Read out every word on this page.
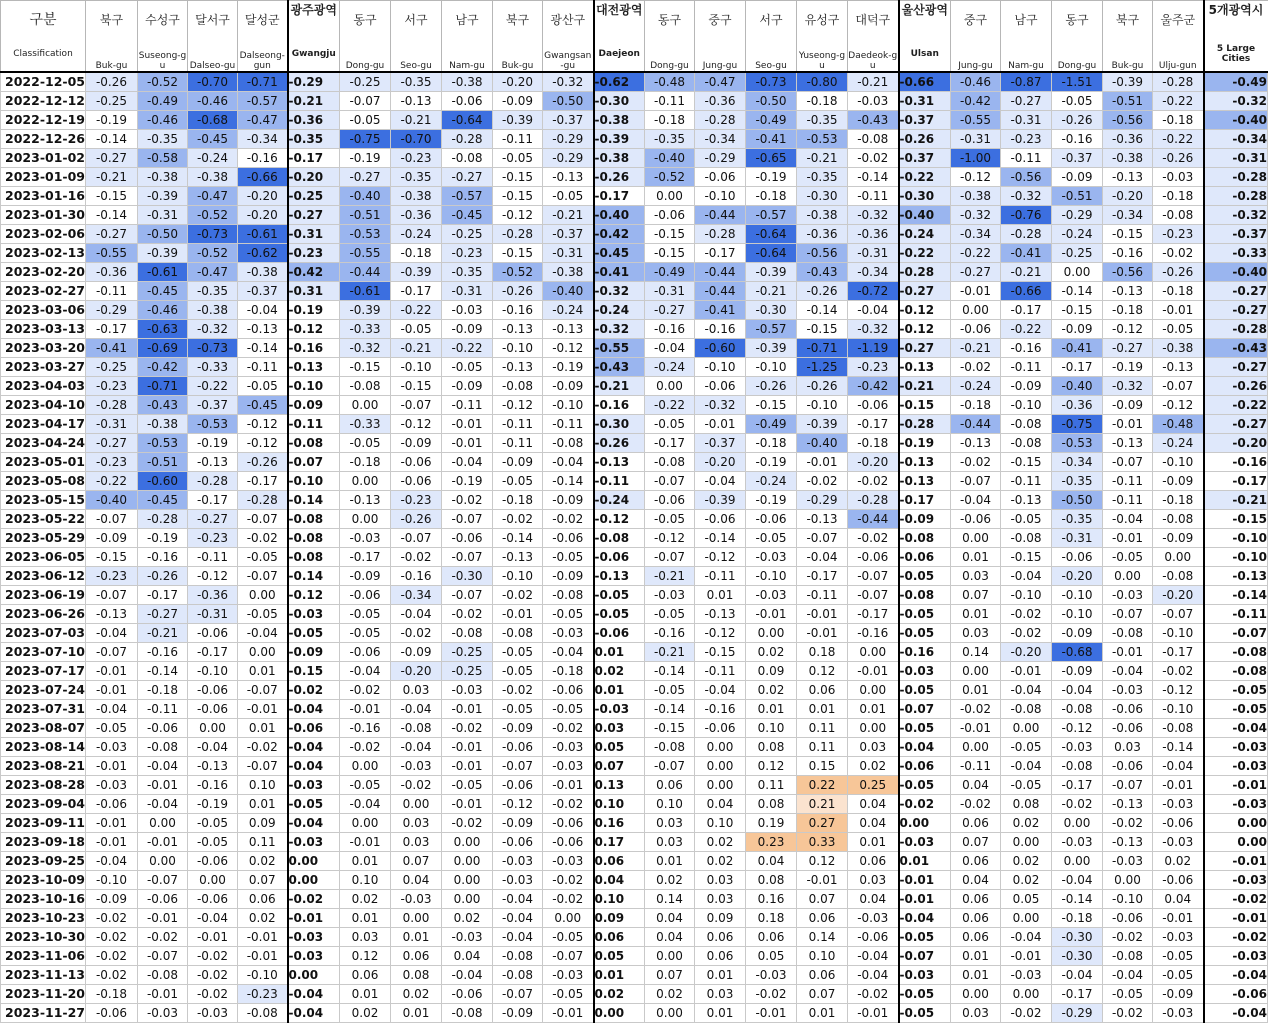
구분	북구	수성구	달서구	달성군	광주광역	동구	서구	남구	북구	광산구	대전광역	동구	중구	서구	유성구	대덕구	울산광역	중구	남구	동구	북구	울주군	5개광역시
Classification	Buk-gu	Suseong-gu	Dalseo-gu	Dalseong-gun	Gwangju	Dong-gu	Seo-gu	Nam-gu	Buk-gu	Gwangsan-gu	Daejeon	Dong-gu	Jung-gu	Seo-gu	Yuseong-gu	Daedeok-gu	Ulsan	Jung-gu	Nam-gu	Dong-gu	Buk-gu	Ulju-gun	5 Large Cities
2022-12-05	-0.26	-0.52	-0.70	-0.71	-0.29	-0.25	-0.35	-0.38	-0.20	-0.32	-0.62	-0.48	-0.47	-0.73	-0.80	-0.21	-0.66	-0.46	-0.87	-1.51	-0.39	-0.28	-0.49
2022-12-12	-0.25	-0.49	-0.46	-0.57	-0.21	-0.07	-0.13	-0.06	-0.09	-0.50	-0.30	-0.11	-0.36	-0.50	-0.18	-0.03	-0.31	-0.42	-0.27	-0.05	-0.51	-0.22	-0.32
2022-12-19	-0.19	-0.46	-0.68	-0.47	-0.36	-0.05	-0.21	-0.64	-0.39	-0.37	-0.38	-0.18	-0.28	-0.49	-0.35	-0.43	-0.37	-0.55	-0.31	-0.26	-0.56	-0.18	-0.40
2022-12-26	-0.14	-0.35	-0.45	-0.34	-0.35	-0.75	-0.70	-0.28	-0.11	-0.29	-0.39	-0.35	-0.34	-0.41	-0.53	-0.08	-0.26	-0.31	-0.23	-0.16	-0.36	-0.22	-0.34
2023-01-02	-0.27	-0.58	-0.24	-0.16	-0.17	-0.19	-0.23	-0.08	-0.05	-0.29	-0.38	-0.40	-0.29	-0.65	-0.21	-0.02	-0.37	-1.00	-0.11	-0.37	-0.38	-0.26	-0.31
2023-01-09	-0.21	-0.38	-0.38	-0.66	-0.20	-0.27	-0.35	-0.27	-0.15	-0.13	-0.26	-0.52	-0.06	-0.19	-0.35	-0.14	-0.22	-0.12	-0.56	-0.09	-0.13	-0.03	-0.28
2023-01-16	-0.15	-0.39	-0.47	-0.20	-0.25	-0.40	-0.38	-0.57	-0.15	-0.05	-0.17	0.00	-0.10	-0.18	-0.30	-0.11	-0.30	-0.38	-0.32	-0.51	-0.20	-0.18	-0.28
2023-01-30	-0.14	-0.31	-0.52	-0.20	-0.27	-0.51	-0.36	-0.45	-0.12	-0.21	-0.40	-0.06	-0.44	-0.57	-0.38	-0.32	-0.40	-0.32	-0.76	-0.29	-0.34	-0.08	-0.32
2023-02-06	-0.27	-0.50	-0.73	-0.61	-0.31	-0.53	-0.24	-0.25	-0.28	-0.37	-0.42	-0.15	-0.28	-0.64	-0.36	-0.36	-0.24	-0.34	-0.28	-0.24	-0.15	-0.23	-0.37
2023-02-13	-0.55	-0.39	-0.52	-0.62	-0.23	-0.55	-0.18	-0.23	-0.15	-0.31	-0.45	-0.15	-0.17	-0.64	-0.56	-0.31	-0.22	-0.22	-0.41	-0.25	-0.16	-0.02	-0.33
2023-02-20	-0.36	-0.61	-0.47	-0.38	-0.42	-0.44	-0.39	-0.35	-0.52	-0.38	-0.41	-0.49	-0.44	-0.39	-0.43	-0.34	-0.28	-0.27	-0.21	0.00	-0.56	-0.26	-0.40
2023-02-27	-0.11	-0.45	-0.35	-0.37	-0.31	-0.61	-0.17	-0.31	-0.26	-0.40	-0.32	-0.31	-0.44	-0.21	-0.26	-0.72	-0.27	-0.01	-0.66	-0.14	-0.13	-0.18	-0.27
2023-03-06	-0.29	-0.46	-0.38	-0.04	-0.19	-0.39	-0.22	-0.03	-0.16	-0.24	-0.24	-0.27	-0.41	-0.30	-0.14	-0.04	-0.12	0.00	-0.17	-0.15	-0.18	-0.01	-0.27
2023-03-13	-0.17	-0.63	-0.32	-0.13	-0.12	-0.33	-0.05	-0.09	-0.13	-0.13	-0.32	-0.16	-0.16	-0.57	-0.15	-0.32	-0.12	-0.06	-0.22	-0.09	-0.12	-0.05	-0.28
2023-03-20	-0.41	-0.69	-0.73	-0.14	-0.16	-0.32	-0.21	-0.22	-0.10	-0.12	-0.55	-0.04	-0.60	-0.39	-0.71	-1.19	-0.27	-0.21	-0.16	-0.41	-0.27	-0.38	-0.43
2023-03-27	-0.25	-0.42	-0.33	-0.11	-0.13	-0.15	-0.10	-0.05	-0.13	-0.19	-0.43	-0.24	-0.10	-0.10	-1.25	-0.23	-0.13	-0.02	-0.11	-0.17	-0.19	-0.13	-0.27
2023-04-03	-0.23	-0.71	-0.22	-0.05	-0.10	-0.08	-0.15	-0.09	-0.08	-0.09	-0.21	0.00	-0.06	-0.26	-0.26	-0.42	-0.21	-0.24	-0.09	-0.40	-0.32	-0.07	-0.26
2023-04-10	-0.28	-0.43	-0.37	-0.45	-0.09	0.00	-0.07	-0.11	-0.12	-0.10	-0.16	-0.22	-0.32	-0.15	-0.10	-0.06	-0.15	-0.18	-0.10	-0.36	-0.09	-0.12	-0.22
2023-04-17	-0.31	-0.38	-0.53	-0.12	-0.11	-0.33	-0.12	-0.01	-0.11	-0.11	-0.30	-0.05	-0.01	-0.49	-0.39	-0.17	-0.28	-0.44	-0.08	-0.75	-0.01	-0.48	-0.27
2023-04-24	-0.27	-0.53	-0.19	-0.12	-0.08	-0.05	-0.09	-0.01	-0.11	-0.08	-0.26	-0.17	-0.37	-0.18	-0.40	-0.18	-0.19	-0.13	-0.08	-0.53	-0.13	-0.24	-0.20
2023-05-01	-0.23	-0.51	-0.13	-0.26	-0.07	-0.18	-0.06	-0.04	-0.09	-0.04	-0.13	-0.08	-0.20	-0.19	-0.01	-0.20	-0.13	-0.02	-0.15	-0.34	-0.07	-0.10	-0.16
2023-05-08	-0.22	-0.60	-0.28	-0.17	-0.10	0.00	-0.06	-0.19	-0.05	-0.14	-0.11	-0.07	-0.04	-0.24	-0.02	-0.02	-0.13	-0.07	-0.11	-0.35	-0.11	-0.09	-0.17
2023-05-15	-0.40	-0.45	-0.17	-0.28	-0.14	-0.13	-0.23	-0.02	-0.18	-0.09	-0.24	-0.06	-0.39	-0.19	-0.29	-0.28	-0.17	-0.04	-0.13	-0.50	-0.11	-0.18	-0.21
2023-05-22	-0.07	-0.28	-0.27	-0.07	-0.08	0.00	-0.26	-0.07	-0.02	-0.02	-0.12	-0.05	-0.06	-0.06	-0.13	-0.44	-0.09	-0.06	-0.05	-0.35	-0.04	-0.08	-0.15
2023-05-29	-0.09	-0.19	-0.23	-0.02	-0.08	-0.03	-0.07	-0.06	-0.14	-0.06	-0.08	-0.12	-0.14	-0.05	-0.07	-0.02	-0.08	0.00	-0.08	-0.31	-0.01	-0.09	-0.10
2023-06-05	-0.15	-0.16	-0.11	-0.05	-0.08	-0.17	-0.02	-0.07	-0.13	-0.05	-0.06	-0.07	-0.12	-0.03	-0.04	-0.06	-0.06	0.01	-0.15	-0.06	-0.05	0.00	-0.10
2023-06-12	-0.23	-0.26	-0.12	-0.07	-0.14	-0.09	-0.16	-0.30	-0.10	-0.09	-0.13	-0.21	-0.11	-0.10	-0.17	-0.07	-0.05	0.03	-0.04	-0.20	0.00	-0.08	-0.13
2023-06-19	-0.07	-0.17	-0.36	0.00	-0.12	-0.06	-0.34	-0.07	-0.02	-0.08	-0.05	-0.03	0.01	-0.03	-0.11	-0.07	-0.08	0.07	-0.10	-0.10	-0.03	-0.20	-0.14
2023-06-26	-0.13	-0.27	-0.31	-0.05	-0.03	-0.05	-0.04	-0.02	-0.01	-0.05	-0.05	-0.05	-0.13	-0.01	-0.01	-0.17	-0.05	0.01	-0.02	-0.10	-0.07	-0.07	-0.11
2023-07-03	-0.04	-0.21	-0.06	-0.04	-0.05	-0.05	-0.02	-0.08	-0.08	-0.03	-0.06	-0.16	-0.12	0.00	-0.01	-0.16	-0.05	0.03	-0.02	-0.09	-0.08	-0.10	-0.07
2023-07-10	-0.07	-0.16	-0.17	0.00	-0.09	-0.06	-0.09	-0.25	-0.05	-0.04	0.01	-0.21	-0.15	0.02	0.18	0.00	-0.16	0.14	-0.20	-0.68	-0.01	-0.17	-0.08
2023-07-17	-0.01	-0.14	-0.10	0.01	-0.15	-0.04	-0.20	-0.25	-0.05	-0.18	0.02	-0.14	-0.11	0.09	0.12	-0.01	-0.03	0.00	-0.01	-0.09	-0.04	-0.02	-0.08
2023-07-24	-0.01	-0.18	-0.06	-0.07	-0.02	-0.02	0.03	-0.03	-0.02	-0.06	0.01	-0.05	-0.04	0.02	0.06	0.00	-0.05	0.01	-0.04	-0.04	-0.03	-0.12	-0.05
2023-07-31	-0.04	-0.11	-0.06	-0.01	-0.04	-0.01	-0.04	-0.01	-0.05	-0.05	-0.03	-0.14	-0.16	0.01	0.01	0.01	-0.07	-0.02	-0.08	-0.08	-0.06	-0.10	-0.05
2023-08-07	-0.05	-0.06	0.00	0.01	-0.06	-0.16	-0.08	-0.02	-0.09	-0.02	0.03	-0.15	-0.06	0.10	0.11	0.00	-0.05	-0.01	0.00	-0.12	-0.06	-0.08	-0.04
2023-08-14	-0.03	-0.08	-0.04	-0.02	-0.04	-0.02	-0.04	-0.01	-0.06	-0.03	0.05	-0.08	0.00	0.08	0.11	0.03	-0.04	0.00	-0.05	-0.03	0.03	-0.14	-0.03
2023-08-21	-0.01	-0.04	-0.13	-0.07	-0.04	0.00	-0.03	-0.01	-0.07	-0.03	0.07	-0.07	0.00	0.12	0.15	0.02	-0.06	-0.11	-0.04	-0.08	-0.06	-0.04	-0.03
2023-08-28	-0.03	-0.01	-0.16	0.10	-0.03	-0.05	-0.02	-0.05	-0.06	-0.01	0.13	0.06	0.00	0.11	0.22	0.25	-0.05	0.04	-0.05	-0.17	-0.07	-0.01	-0.01
2023-09-04	-0.06	-0.04	-0.19	0.01	-0.05	-0.04	0.00	-0.01	-0.12	-0.02	0.10	0.10	0.04	0.08	0.21	0.04	-0.02	-0.02	0.08	-0.02	-0.13	-0.03	-0.03
2023-09-11	-0.01	0.00	-0.05	0.09	-0.04	0.00	0.03	-0.02	-0.09	-0.06	0.16	0.03	0.10	0.19	0.27	0.04	0.00	0.06	0.02	0.00	-0.02	-0.06	0.00
2023-09-18	-0.01	-0.01	-0.05	0.11	-0.03	-0.01	0.03	0.00	-0.06	-0.06	0.17	0.03	0.02	0.23	0.33	0.01	-0.03	0.07	0.00	-0.03	-0.13	-0.03	0.00
2023-09-25	-0.04	0.00	-0.06	0.02	0.00	0.01	0.07	0.00	-0.03	-0.03	0.06	0.01	0.02	0.04	0.12	0.06	0.01	0.06	0.02	0.00	-0.03	0.02	-0.01
2023-10-09	-0.10	-0.07	0.00	0.07	0.00	0.10	0.04	0.00	-0.03	-0.02	0.04	0.02	0.03	0.08	-0.01	0.03	-0.01	0.04	0.02	-0.04	0.00	-0.06	-0.03
2023-10-16	-0.09	-0.06	-0.06	0.06	-0.02	0.02	-0.03	0.00	-0.04	-0.02	0.10	0.14	0.03	0.16	0.07	0.04	-0.01	0.06	0.05	-0.14	-0.10	0.04	-0.02
2023-10-23	-0.02	-0.01	-0.04	0.02	-0.01	0.01	0.00	0.02	-0.04	0.00	0.09	0.04	0.09	0.18	0.06	-0.03	-0.04	0.06	0.00	-0.18	-0.06	-0.01	-0.01
2023-10-30	-0.02	-0.02	-0.01	-0.01	-0.03	0.03	0.01	-0.03	-0.04	-0.05	0.06	0.04	0.06	0.06	0.14	-0.06	-0.05	0.06	-0.04	-0.30	-0.02	-0.03	-0.02
2023-11-06	-0.02	-0.07	-0.02	-0.01	-0.03	0.12	0.06	0.04	-0.08	-0.07	0.05	0.00	0.06	0.05	0.10	-0.04	-0.07	0.01	-0.01	-0.30	-0.08	-0.05	-0.03
2023-11-13	-0.02	-0.08	-0.02	-0.10	0.00	0.06	0.08	-0.04	-0.08	-0.03	0.01	0.07	0.01	-0.03	0.06	-0.04	-0.03	0.01	-0.03	-0.04	-0.04	-0.05	-0.04
2023-11-20	-0.18	-0.01	-0.02	-0.23	-0.04	0.01	0.02	-0.06	-0.07	-0.05	0.02	0.02	0.03	-0.02	0.07	-0.02	-0.05	0.00	0.00	-0.17	-0.05	-0.09	-0.06
2023-11-27	-0.06	-0.03	-0.03	-0.08	-0.04	0.02	0.01	-0.08	-0.09	-0.01	0.00	0.00	0.01	-0.01	0.01	-0.01	-0.05	0.03	-0.02	-0.29	-0.02	-0.03	-0.04
